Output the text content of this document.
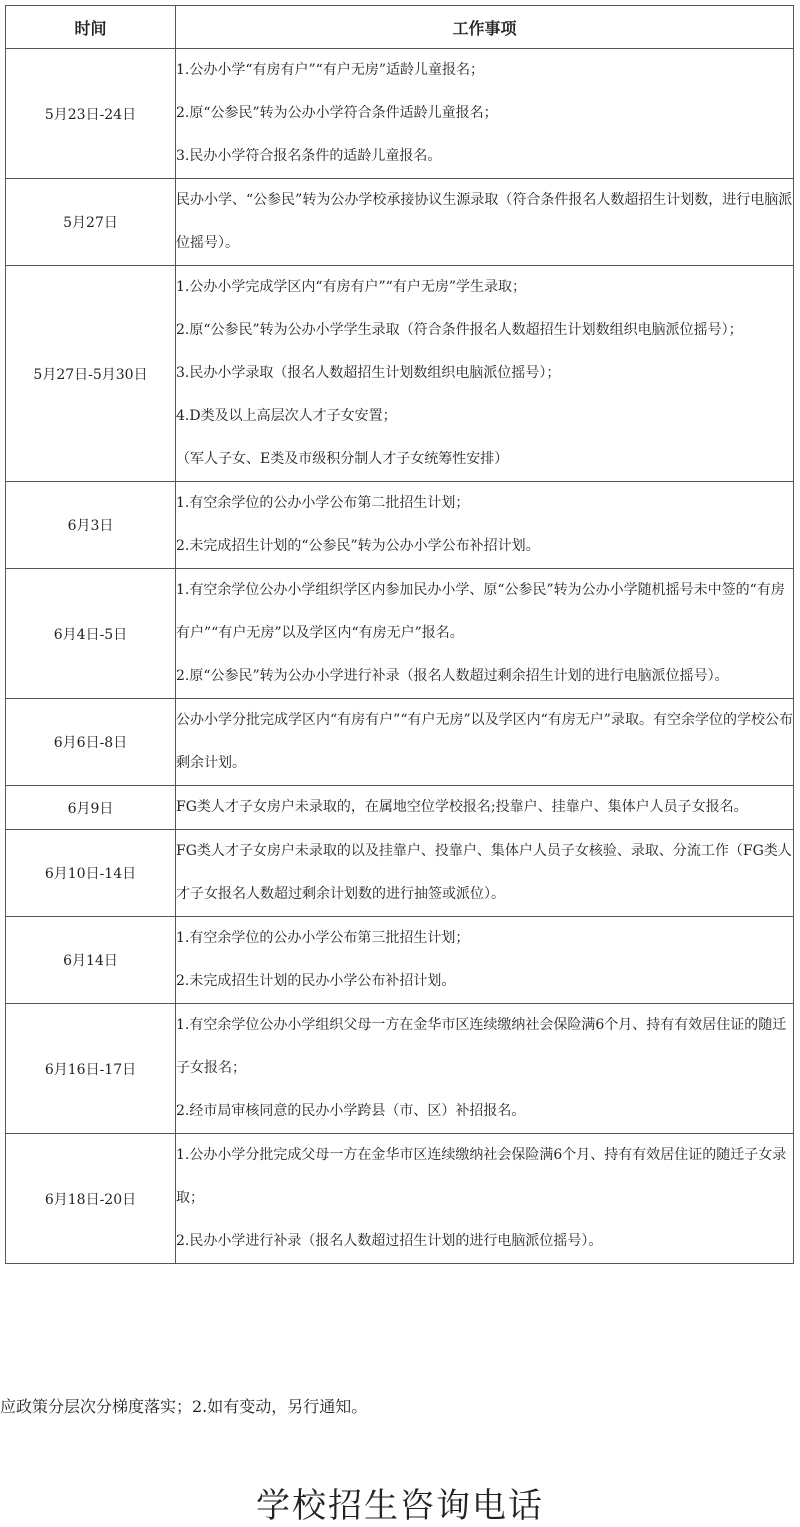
时间	工作事项
5月23日-24日	1.公办小学“有房有户”“有户无房”适龄儿童报名；

2.原“公参民”转为公办小学符合条件适龄儿童报名；

3.民办小学符合报名条件的适龄儿童报名。

5月27日	民办小学、“公参民”转为公办学校承接协议生源录取（符合条件报名人数超招生计划数，进行电脑派位摇号）。

5月27日-5月30日	1.公办小学完成学区内“有房有户”“有户无房”学生录取；

2.原“公参民”转为公办小学学生录取（符合条件报名人数超招生计划数组织电脑派位摇号）；

3.民办小学录取（报名人数超招生计划数组织电脑派位摇号）；

4.D类及以上高层次人才子女安置；

（军人子女、E类及市级积分制人才子女统筹性安排）

6月3日	1.有空余学位的公办小学公布第二批招生计划；

2.未完成招生计划的“公参民”转为公办小学公布补招计划。

6月4日-5日	1.有空余学位公办小学组织学区内参加民办小学、原“公参民”转为公办小学随机摇号未中签的“有房有户”“有户无房”以及学区内“有房无户”报名。

2.原“公参民”转为公办小学进行补录（报名人数超过剩余招生计划的进行电脑派位摇号）。

6月6日-8日	公办小学分批完成学区内“有房有户”“有户无房”以及学区内“有房无户”录取。有空余学位的学校公布剩余计划。

6月9日	FG类人才子女房户未录取的，在属地空位学校报名;投靠户、挂靠户、集体户人员子女报名。

6月10日-14日	FG类人才子女房户未录取的以及挂靠户、投靠户、集体户人员子女核验、录取、分流工作（FG类人才子女报名人数超过剩余计划数的进行抽签或派位）。

6月14日	1.有空余学位的公办小学公布第三批招生计划；

2.未完成招生计划的民办小学公布补招计划。

6月16日-17日	1.有空余学位公办小学组织父母一方在金华市区连续缴纳社会保险满6个月、持有有效居住证的随迁子女报名；

2.经市局审核同意的民办小学跨县（市、区）补招报名。

6月18日-20日	1.公办小学分批完成父母一方在金华市区连续缴纳社会保险满6个月、持有有效居住证的随迁子女录取；

2.民办小学进行补录（报名人数超过招生计划的进行电脑派位摇号）。

应政策分层次分梯度落实；2.如有变动，另行通知。
学校招生咨询电话
